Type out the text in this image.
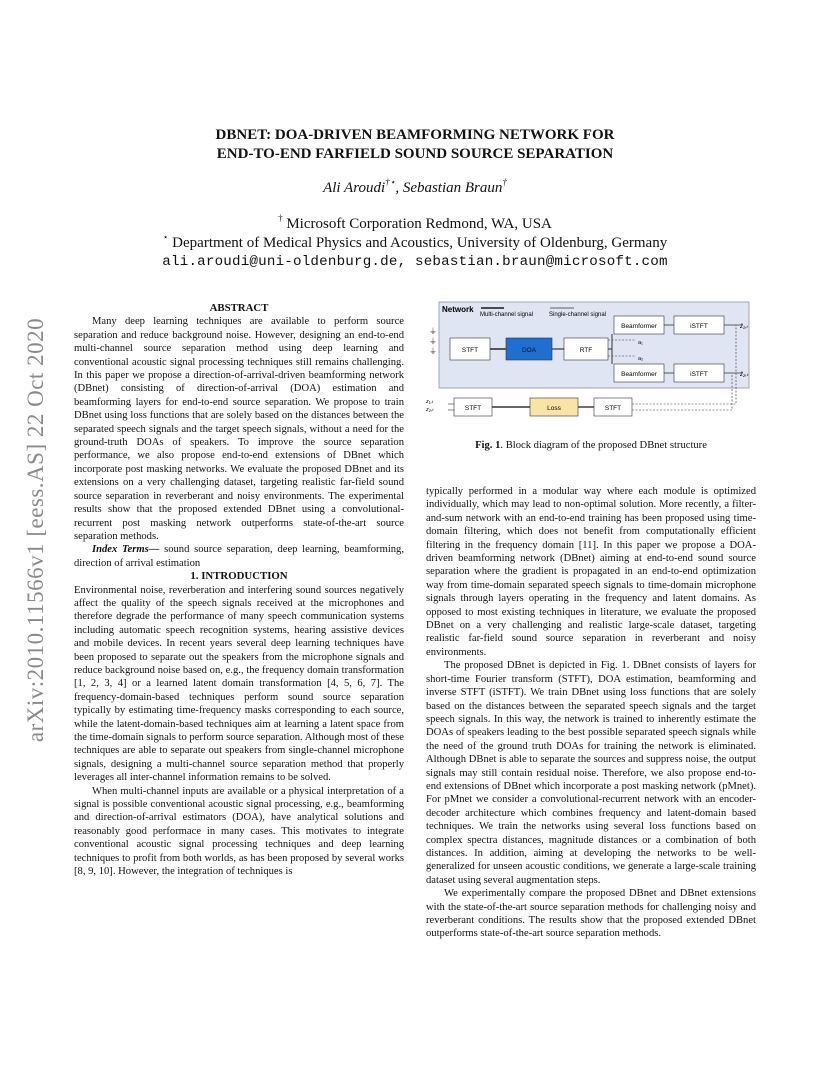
arXiv:2010.11566v1 [eess.AS] 22 Oct 2020
DBNET: DOA-DRIVEN BEAMFORMING NETWORK FOR
END-TO-END FARFIELD SOUND SOURCE SEPARATION
Ali Aroudi†⋆, Sebastian Braun†
† Microsoft Corporation Redmond, WA, USA
⋆ Department of Medical Physics and Acoustics, University of Oldenburg, Germany
ali.aroudi@uni-oldenburg.de, sebastian.braun@microsoft.com

ABSTRACT

Many deep learning techniques are available to perform source separation and reduce background noise. However, designing an end-to-end multi-channel source separation method using deep learning and conventional acoustic signal processing techniques still remains challenging. In this paper we propose a direction-of-arrival-driven beamforming network (DBnet) consisting of direction-of-arrival (DOA) estimation and beamforming layers for end-to-end source separation. We propose to train DBnet using loss functions that are solely based on the distances between the separated speech signals and the target speech signals, without a need for the ground-truth DOAs of speakers. To improve the source separation performance, we also propose end-to-end extensions of DBnet which incorporate post masking networks. We evaluate the proposed DBnet and its extensions on a very challenging dataset, targeting realistic far-field sound source separation in reverberant and noisy environments. The experimental results show that the proposed extended DBnet using a convolutional-recurrent post masking network outperforms state-of-the-art source separation methods.

Index Terms— sound source separation, deep learning, beamforming, direction of arrival estimation

1. INTRODUCTION

Environmental noise, reverberation and interfering sound sources negatively affect the quality of the speech signals received at the microphones and therefore degrade the performance of many speech communication systems including automatic speech recognition systems, hearing assistive devices and mobile devices. In recent years several deep learning techniques have been proposed to separate out the speakers from the microphone signals and reduce background noise based on, e.g., the frequency domain transformation [1, 2, 3, 4] or a learned latent domain transformation [4, 5, 6, 7]. The frequency-domain-based techniques perform sound source separation typically by estimating time-frequency masks corresponding to each source, while the latent-domain-based techniques aim at learning a latent space from the time-domain signals to perform source separation. Although most of these techniques are able to separate out speakers from single-channel microphone signals, designing a multi-channel source separation method that properly leverages all inter-channel information remains to be solved.

When multi-channel inputs are available or a physical interpretation of a signal is possible conventional acoustic signal processing, e.g., beamforming and direction-of-arrival estimators (DOA), have analytical solutions and reasonably good performace in many cases. This motivates to integrate conventional acoustic signal processing techniques and deep learning techniques to profit from both worlds, as has been proposed by several works [8, 9, 10]. However, the integration of techniques is

Network
Multi-channel signal	Single-channel signal
⏚
⏚
⏚	STFT	DOA	RTF
Beamformer	iSTFT
Beamformer	iSTFT
a₁
a₂
ẑ₁,ₜ
ẑ₂,ₜ
z₁,ₜ
z₂,ₜ	STFT	Loss	STFT
Fig. 1. Block diagram of the proposed DBnet structure

typically performed in a modular way where each module is optimized individually, which may lead to non-optimal solution. More recently, a filter-and-sum network with an end-to-end training has been proposed using time-domain filtering, which does not benefit from computationally efficient filtering in the frequency domain [11]. In this paper we propose a DOA-driven beamforming network (DBnet) aiming at end-to-end sound source separation where the gradient is propagated in an end-to-end optimization way from time-domain separated speech signals to time-domain microphone signals through layers operating in the frequency and latent domains. As opposed to most existing techniques in literature, we evaluate the proposed DBnet on a very challenging and realistic large-scale dataset, targeting realistic far-field sound source separation in reverberant and noisy environments.

The proposed DBnet is depicted in Fig. 1. DBnet consists of layers for short-time Fourier transform (STFT), DOA estimation, beamforming and inverse STFT (iSTFT). We train DBnet using loss functions that are solely based on the distances between the separated speech signals and the target speech signals. In this way, the network is trained to inherently estimate the DOAs of speakers leading to the best possible separated speech signals while the need of the ground truth DOAs for training the network is eliminated. Although DBnet is able to separate the sources and suppress noise, the output signals may still contain residual noise. Therefore, we also propose end-to-end extensions of DBnet which incorporate a post masking network (pMnet). For pMnet we consider a convolutional-recurrent network with an encoder-decoder architecture which combines frequency and latent-domain based techniques. We train the networks using several loss functions based on complex spectra distances, magnitude distances or a combination of both distances. In addition, aiming at developing the networks to be well-generalized for unseen acoustic conditions, we generate a large-scale training dataset using several augmentation steps.

We experimentally compare the proposed DBnet and DBnet extensions with the state-of-the-art source separation methods for challenging noisy and reverberant conditions. The results show that the proposed extended DBnet outperforms state-of-the-art source separation methods.
